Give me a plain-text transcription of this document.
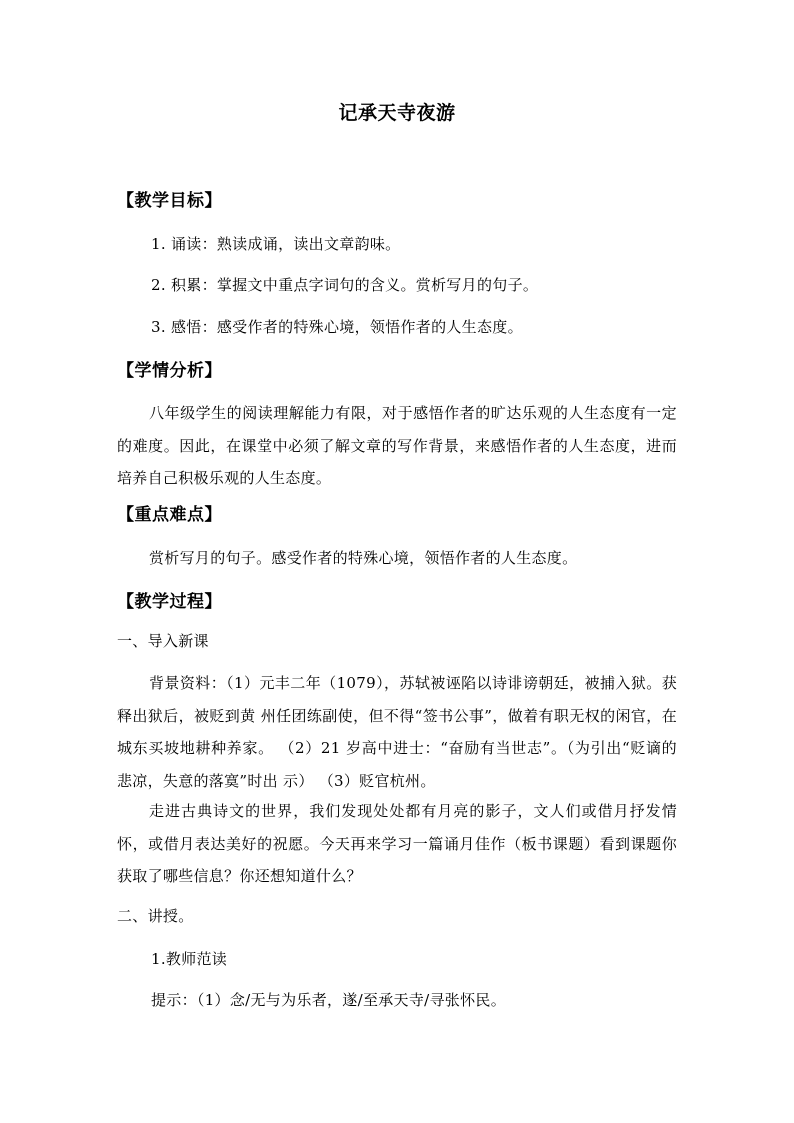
记承天寺夜游
【教学目标】
1. 诵读：熟读成诵，读出文章韵味。
2. 积累：掌握文中重点字词句的含义。赏析写月的句子。
3. 感悟：感受作者的特殊心境，领悟作者的人生态度。
【学情分析】
八年级学生的阅读理解能力有限，对于感悟作者的旷达乐观的人生态度有一定的难度。因此，在课堂中必须了解文章的写作背景，来感悟作者的人生态度，进而培养自己积极乐观的人生态度。
【重点难点】
赏析写月的句子。感受作者的特殊心境，领悟作者的人生态度。
【教学过程】
一、导入新课
背景资料：（1）元丰二年（1079），苏轼被诬陷以诗诽谤朝廷，被捕入狱。获释出狱后，被贬到黄 州任团练副使，但不得“签书公事”，做着有职无权的闲官，在城东买坡地耕种养家。 （2）21 岁高中进士：“奋励有当世志”。（为引出“贬谪的悲凉，失意的落寞”时出 示） （3）贬官杭州。
走进古典诗文的世界，我们发现处处都有月亮的影子，文人们或借月抒发情怀，或借月表达美好的祝愿。今天再来学习一篇诵月佳作（板书课题）看到课题你获取了哪些信息？你还想知道什么？
二、讲授。
1.教师范读
提示：（1）念/无与为乐者，遂/至承天寺/寻张怀民。
